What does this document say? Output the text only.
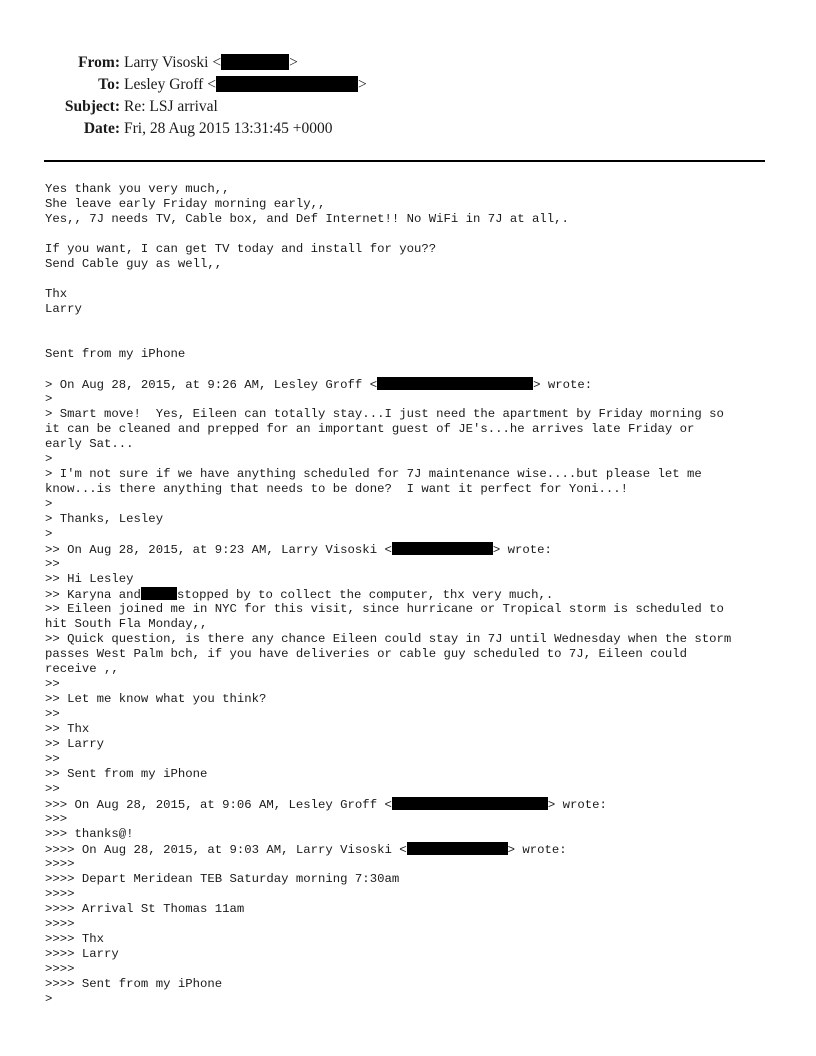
From: Larry Visoski <	>
To: Lesley Groff <	>
Subject: Re: LSJ arrival
Date: Fri, 28 Aug 2015 13:31:45 +0000
Yes thank you very much,,
She leave early Friday morning early,,
Yes,, 7J needs TV, Cable box, and Def Internet!! No WiFi in 7J at all,.
If you want, I can get TV today and install for you??
Send Cable guy as well,,
Thx
Larry
Sent from my iPhone
> On Aug 28, 2015, at 9:26 AM, Lesley Groff <	> wrote:
>
> Smart move!  Yes, Eileen can totally stay...I just need the apartment by Friday morning so
it can be cleaned and prepped for an important guest of JE's...he arrives late Friday or
early Sat...
>
> I'm not sure if we have anything scheduled for 7J maintenance wise....but please let me
know...is there anything that needs to be done?  I want it perfect for Yoni...!
>
> Thanks, Lesley
>
>> On Aug 28, 2015, at 9:23 AM, Larry Visoski <	> wrote:
>>
>> Hi Lesley
>> Karyna and	stopped by to collect the computer, thx very much,.
>> Eileen joined me in NYC for this visit, since hurricane or Tropical storm is scheduled to
hit South Fla Monday,,
>> Quick question, is there any chance Eileen could stay in 7J until Wednesday when the storm
passes West Palm bch, if you have deliveries or cable guy scheduled to 7J, Eileen could
receive ,,
>>
>> Let me know what you think?
>>
>> Thx
>> Larry
>>
>> Sent from my iPhone
>>
>>> On Aug 28, 2015, at 9:06 AM, Lesley Groff <	> wrote:
>>>
>>> thanks@!
>>>> On Aug 28, 2015, at 9:03 AM, Larry Visoski <	> wrote:
>>>>
>>>> Depart Meridean TEB Saturday morning 7:30am
>>>>
>>>> Arrival St Thomas 11am
>>>>
>>>> Thx
>>>> Larry
>>>>
>>>> Sent from my iPhone
>
